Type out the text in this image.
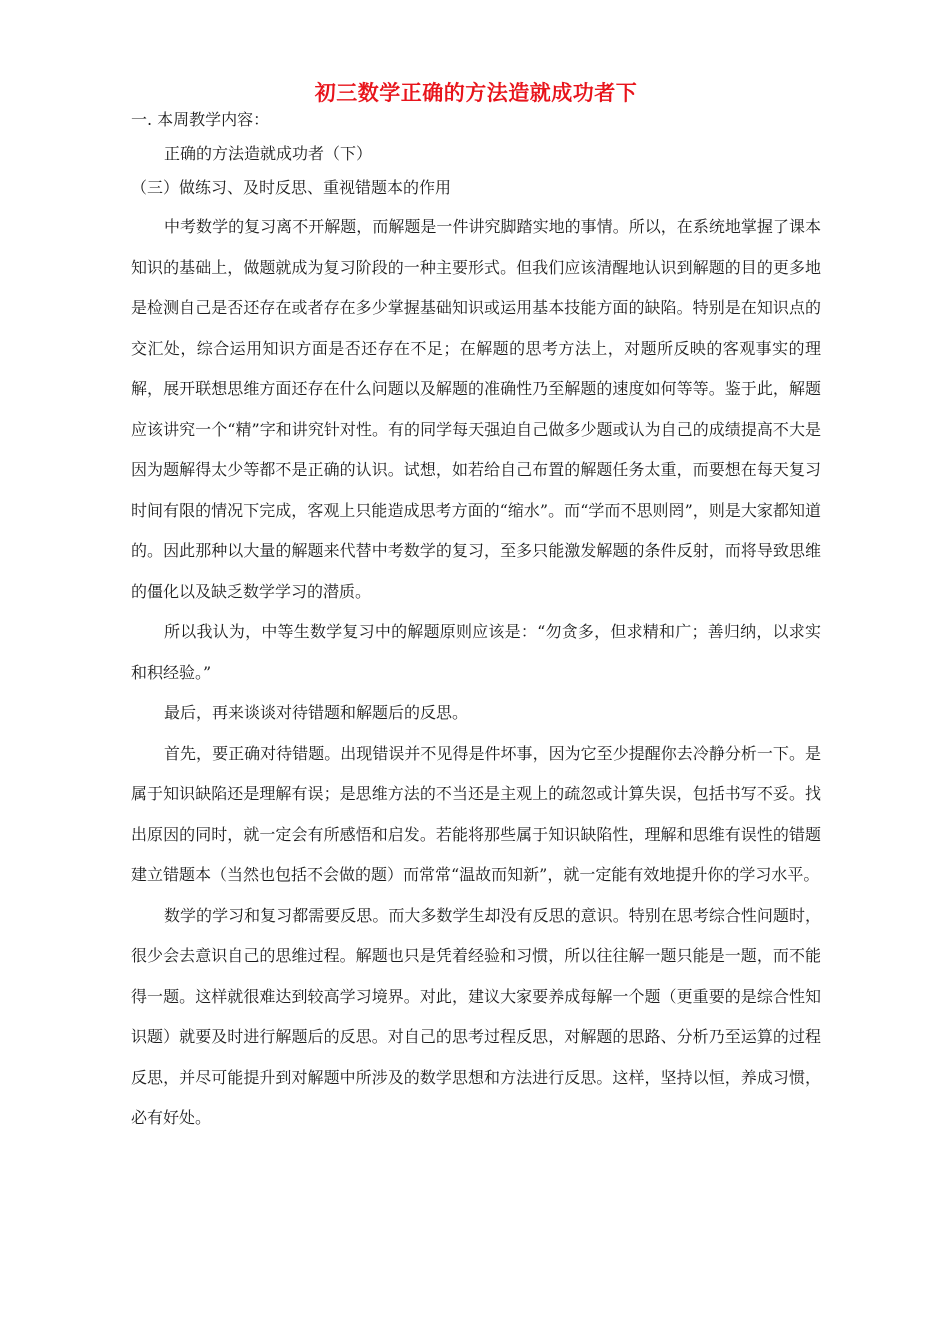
初三数学正确的方法造就成功者下

一. 本周教学内容：

正确的方法造就成功者（下）

（三）做练习、及时反思、重视错题本的作用

中考数学的复习离不开解题，而解题是一件讲究脚踏实地的事情。所以，在系统地掌握了课本知识的基础上，做题就成为复习阶段的一种主要形式。但我们应该清醒地认识到解题的目的更多地是检测自己是否还存在或者存在多少掌握基础知识或运用基本技能方面的缺陷。特别是在知识点的交汇处，综合运用知识方面是否还存在不足；在解题的思考方法上，对题所反映的客观事实的理解，展开联想思维方面还存在什么问题以及解题的准确性乃至解题的速度如何等等。鉴于此，解题应该讲究一个“精”字和讲究针对性。有的同学每天强迫自己做多少题或认为自己的成绩提高不大是因为题解得太少等都不是正确的认识。试想，如若给自己布置的解题任务太重，而要想在每天复习时间有限的情况下完成，客观上只能造成思考方面的“缩水”。而“学而不思则罔”，则是大家都知道的。因此那种以大量的解题来代替中考数学的复习，至多只能激发解题的条件反射，而将导致思维的僵化以及缺乏数学学习的潜质。

所以我认为，中等生数学复习中的解题原则应该是：“勿贪多，但求精和广；善归纳，以求实和积经验。”

最后，再来谈谈对待错题和解题后的反思。

首先，要正确对待错题。出现错误并不见得是件坏事，因为它至少提醒你去冷静分析一下。是属于知识缺陷还是理解有误；是思维方法的不当还是主观上的疏忽或计算失误，包括书写不妥。找出原因的同时，就一定会有所感悟和启发。若能将那些属于知识缺陷性，理解和思维有误性的错题建立错题本（当然也包括不会做的题）而常常“温故而知新”，就一定能有效地提升你的学习水平。

数学的学习和复习都需要反思。而大多数学生却没有反思的意识。特别在思考综合性问题时，很少会去意识自己的思维过程。解题也只是凭着经验和习惯，所以往往解一题只能是一题，而不能得一题。这样就很难达到较高学习境界。对此，建议大家要养成每解一个题（更重要的是综合性知识题）就要及时进行解题后的反思。对自己的思考过程反思，对解题的思路、分析乃至运算的过程反思，并尽可能提升到对解题中所涉及的数学思想和方法进行反思。这样，坚持以恒，养成习惯，必有好处。
